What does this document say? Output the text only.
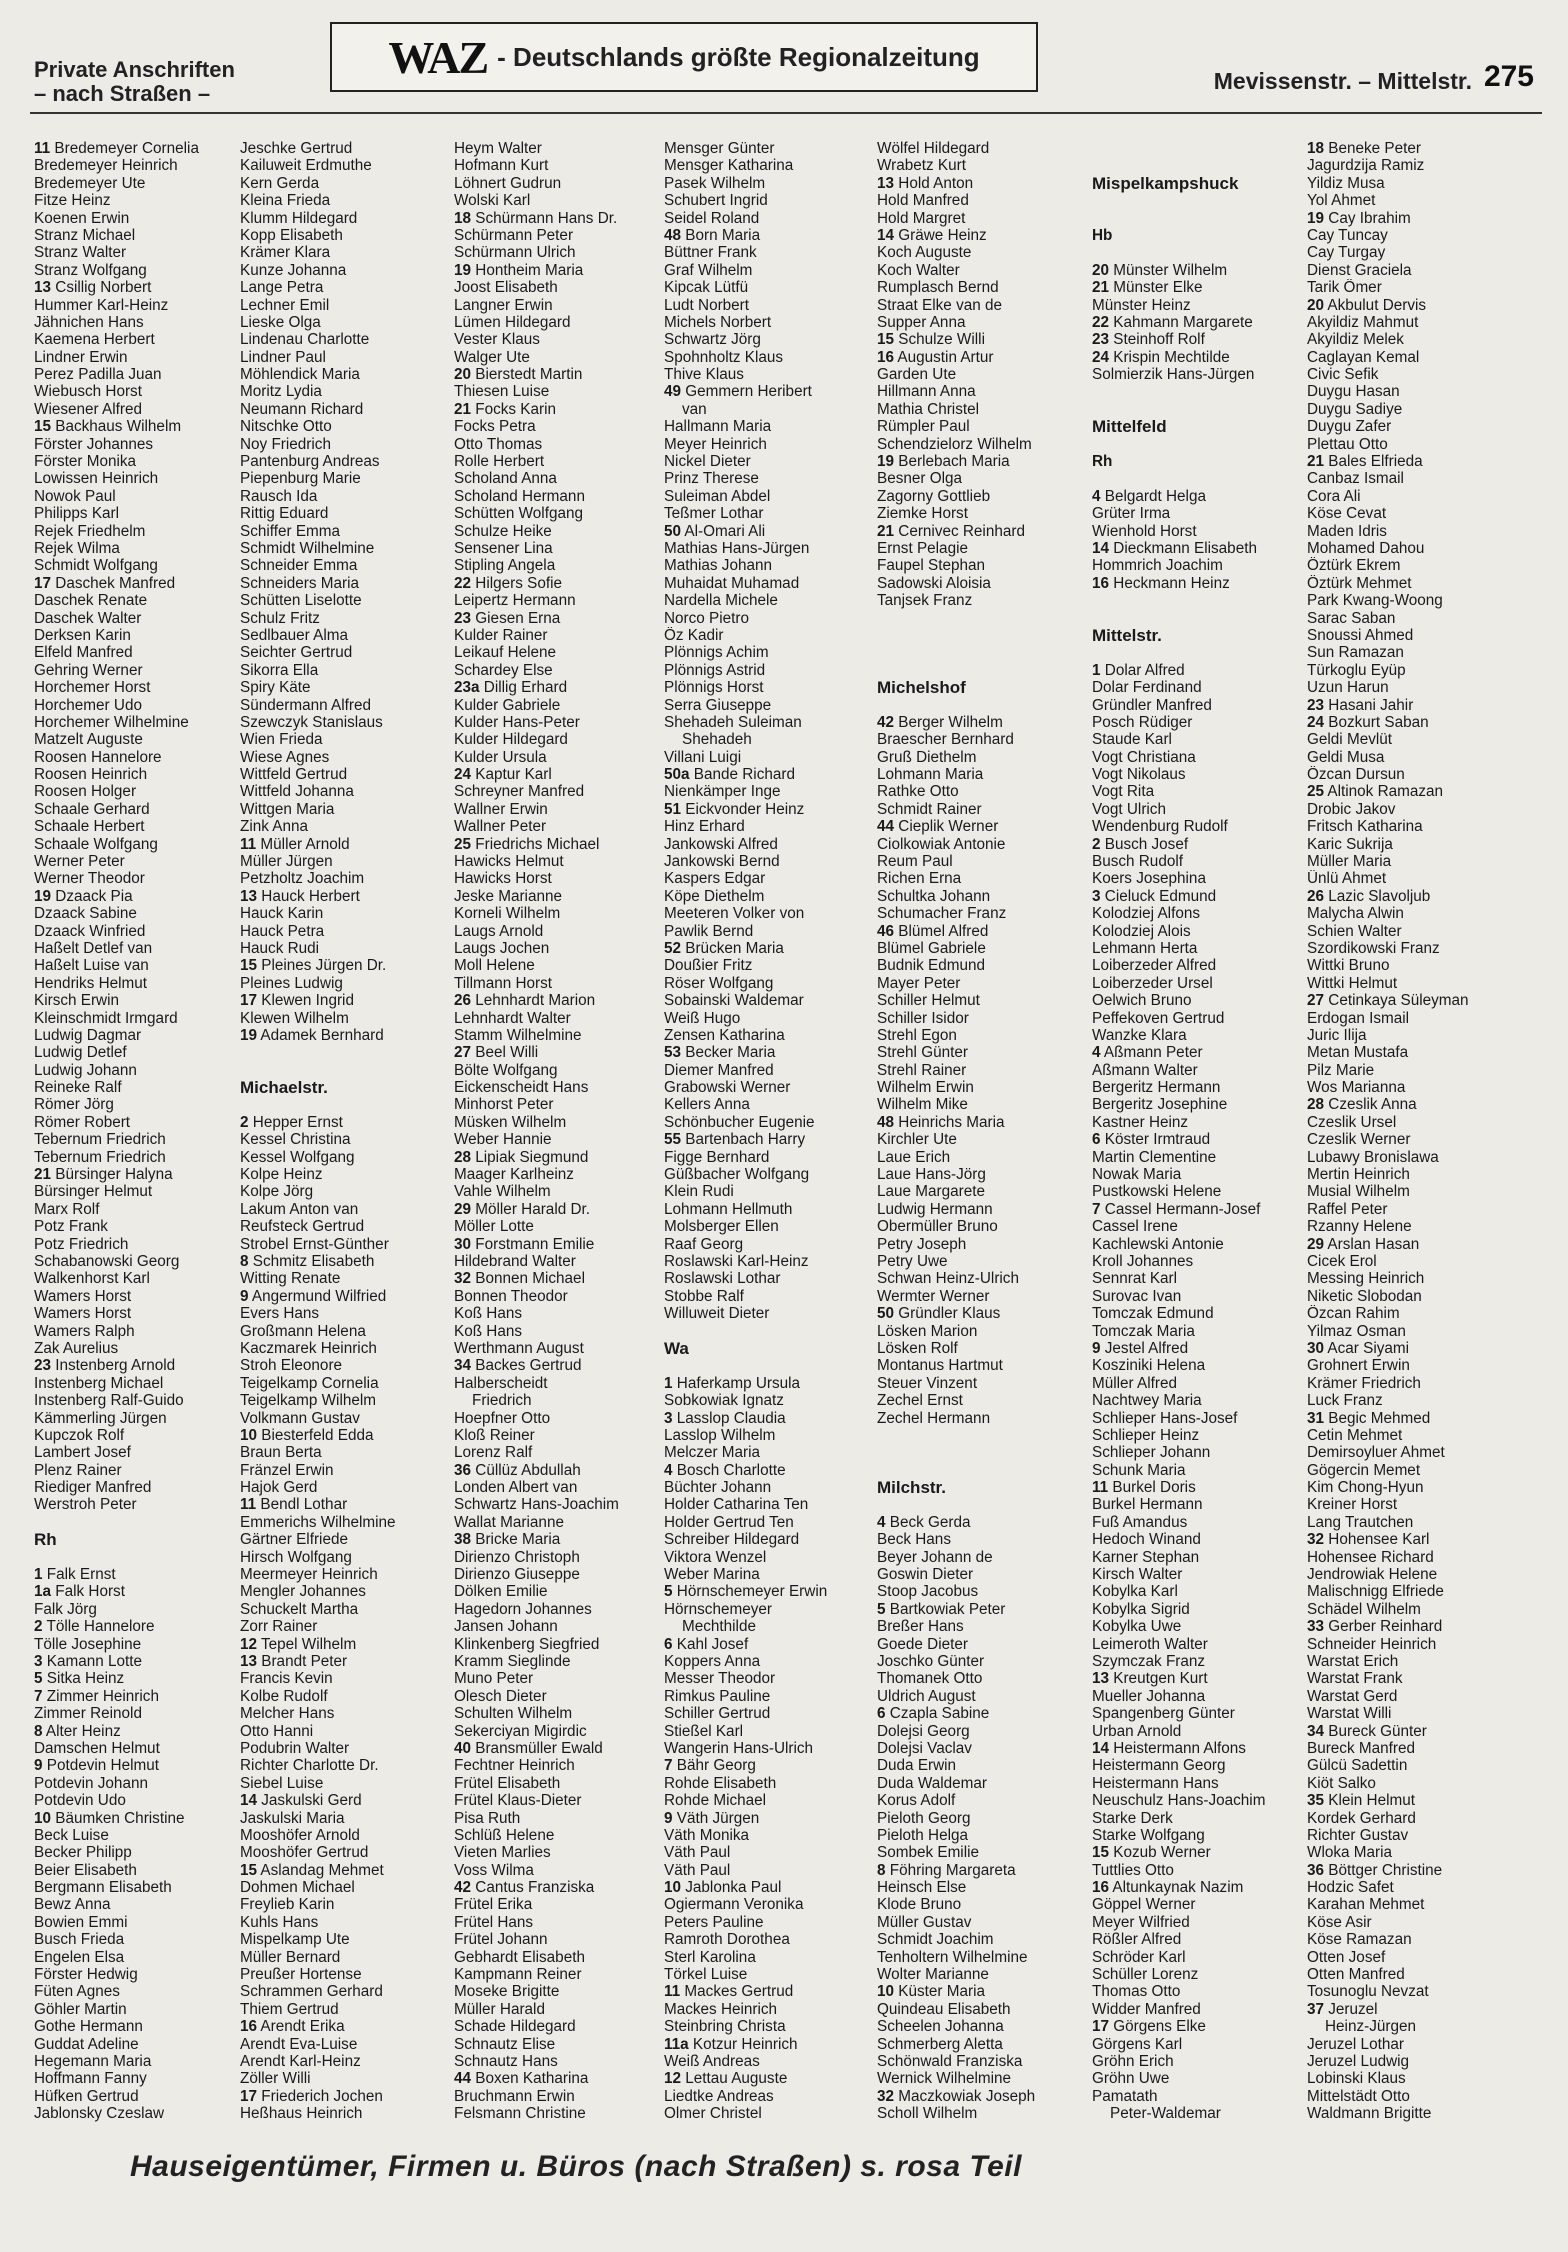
Private Anschriften
– nach Straßen –
WAZ - Deutschlands größte Regionalzeitung
Mevissenstr. – Mittelstr. 275
11 Bredemeyer Cornelia
Bredemeyer Heinrich
Bredemeyer Ute
Fitze Heinz
Koenen Erwin
Stranz Michael
Stranz Walter
Stranz Wolfgang
13 Csillig Norbert
Hummer Karl-Heinz
Jähnichen Hans
Kaemena Herbert
Lindner Erwin
Perez Padilla Juan
Wiebusch Horst
Wiesener Alfred
15 Backhaus Wilhelm
Förster Johannes
Förster Monika
Lowissen Heinrich
Nowok Paul
Philipps Karl
Rejek Friedhelm
Rejek Wilma
Schmidt Wolfgang
17 Daschek Manfred
Daschek Renate
Daschek Walter
Derksen Karin
Elfeld Manfred
Gehring Werner
Horchemer Horst
Horchemer Udo
Horchemer Wilhelmine
Matzelt Auguste
Roosen Hannelore
Roosen Heinrich
Roosen Holger
Schaale Gerhard
Schaale Herbert
Schaale Wolfgang
Werner Peter
Werner Theodor
19 Dzaack Pia
Dzaack Sabine
Dzaack Winfried
Haßelt Detlef van
Haßelt Luise van
Hendriks Helmut
Kirsch Erwin
Kleinschmidt Irmgard
Ludwig Dagmar
Ludwig Detlef
Ludwig Johann
Reineke Ralf
Römer Jörg
Römer Robert
Tebernum Friedrich
Tebernum Friedrich
21 Bürsinger Halyna
Bürsinger Helmut
Marx Rolf
Potz Frank
Potz Friedrich
Schabanowski Georg
Walkenhorst Karl
Wamers Horst
Wamers Horst
Wamers Ralph
Zak Aurelius
23 Instenberg Arnold
Instenberg Michael
Instenberg Ralf-Guido
Kämmerling Jürgen
Kupczok Rolf
Lambert Josef
Plenz Rainer
Riediger Manfred
Werstroh Peter

Rh

1 Falk Ernst
1a Falk Horst
Falk Jörg
2 Tölle Hannelore
Tölle Josephine
3 Kamann Lotte
5 Sitka Heinz
7 Zimmer Heinrich
Zimmer Reinold
8 Alter Heinz
Damschen Helmut
9 Potdevin Helmut
Potdevin Johann
Potdevin Udo
10 Bäumken Christine
Beck Luise
Becker Philipp
Beier Elisabeth
Bergmann Elisabeth
Bewz Anna
Bowien Emmi
Busch Frieda
Engelen Elsa
Förster Hedwig
Füten Agnes
Göhler Martin
Gothe Hermann
Guddat Adeline
Hegemann Maria
Hoffmann Fanny
Hüfken Gertrud
Jablonsky Czeslaw
Jeschke Gertrud
Kailuweit Erdmuthe
Kern Gerda
Kleina Frieda
Klumm Hildegard
Kopp Elisabeth
Krämer Klara
Kunze Johanna
Lange Petra
Lechner Emil
Lieske Olga
Lindenau Charlotte
Lindner Paul
Möhlendick Maria
Moritz Lydia
Neumann Richard
Nitschke Otto
Noy Friedrich
Pantenburg Andreas
Piepenburg Marie
Rausch Ida
Rittig Eduard
Schiffer Emma
Schmidt Wilhelmine
Schneider Emma
Schneiders Maria
Schütten Liselotte
Schulz Fritz
Sedlbauer Alma
Seichter Gertrud
Sikorra Ella
Spiry Käte
Sündermann Alfred
Szewczyk Stanislaus
Wien Frieda
Wiese Agnes
Wittfeld Gertrud
Wittfeld Johanna
Wittgen Maria
Zink Anna
11 Müller Arnold
Müller Jürgen
Petzholtz Joachim
13 Hauck Herbert
Hauck Karin
Hauck Petra
Hauck Rudi
15 Pleines Jürgen Dr.
Pleines Ludwig
17 Klewen Ingrid
Klewen Wilhelm
19 Adamek Bernhard

Michaelstr.

2 Hepper Ernst
Kessel Christina
Kessel Wolfgang
Kolpe Heinz
Kolpe Jörg
Lakum Anton van
Reufsteck Gertrud
Strobel Ernst-Günther
8 Schmitz Elisabeth
Witting Renate
9 Angermund Wilfried
Evers Hans
Großmann Helena
Kaczmarek Heinrich
Stroh Eleonore
Teigelkamp Cornelia
Teigelkamp Wilhelm
Volkmann Gustav
10 Biesterfeld Edda
Braun Berta
Fränzel Erwin
Hajok Gerd
11 Bendl Lothar
Emmerichs Wilhelmine
Gärtner Elfriede
Hirsch Wolfgang
Meermeyer Heinrich
Mengler Johannes
Schuckelt Martha
Zorr Rainer
12 Tepel Wilhelm
13 Brandt Peter
Francis Kevin
Kolbe Rudolf
Melcher Hans
Otto Hanni
Podubrin Walter
Richter Charlotte Dr.
Siebel Luise
14 Jaskulski Gerd
Jaskulski Maria
Mooshöfer Arnold
Mooshöfer Gertrud
15 Aslandag Mehmet
Dohmen Michael
Freylieb Karin
Kuhls Hans
Mispelkamp Ute
Müller Bernard
Preußer Hortense
Schrammen Gerhard
Thiem Gertrud
16 Arendt Erika
Arendt Eva-Luise
Arendt Karl-Heinz
Zöller Willi
17 Friederich Jochen
Heßhaus Heinrich
Heym Walter
Hofmann Kurt
Löhnert Gudrun
Wolski Karl
18 Schürmann Hans Dr.
Schürmann Peter
Schürmann Ulrich
19 Hontheim Maria
Joost Elisabeth
Langner Erwin
Lümen Hildegard
Vester Klaus
Walger Ute
20 Bierstedt Martin
Thiesen Luise
21 Focks Karin
Focks Petra
Otto Thomas
Rolle Herbert
Scholand Anna
Scholand Hermann
Schütten Wolfgang
Schulze Heike
Sensener Lina
Stipling Angela
22 Hilgers Sofie
Leipertz Hermann
23 Giesen Erna
Kulder Rainer
Leikauf Helene
Schardey Else
23a Dillig Erhard
Kulder Gabriele
Kulder Hans-Peter
Kulder Hildegard
Kulder Ursula
24 Kaptur Karl
Schreyner Manfred
Wallner Erwin
Wallner Peter
25 Friedrichs Michael
Hawicks Helmut
Hawicks Horst
Jeske Marianne
Korneli Wilhelm
Laugs Arnold
Laugs Jochen
Moll Helene
Tillmann Horst
26 Lehnhardt Marion
Lehnhardt Walter
Stamm Wilhelmine
27 Beel Willi
Bölte Wolfgang
Eickenscheidt Hans
Minhorst Peter
Müsken Wilhelm
Weber Hannie
28 Lipiak Siegmund
Maager Karlheinz
Vahle Wilhelm
29 Möller Harald Dr.
Möller Lotte
30 Forstmann Emilie
Hildebrand Walter
32 Bonnen Michael
Bonnen Theodor
Koß Hans
Koß Hans
Werthmann August
34 Backes Gertrud
Halberscheidt
Friedrich
Hoepfner Otto
Kloß Reiner
Lorenz Ralf
36 Cüllüz Abdullah
Londen Albert van
Schwartz Hans-Joachim
Wallat Marianne
38 Bricke Maria
Dirienzo Christoph
Dirienzo Giuseppe
Dölken Emilie
Hagedorn Johannes
Jansen Johann
Klinkenberg Siegfried
Kramm Sieglinde
Muno Peter
Olesch Dieter
Schulten Wilhelm
Sekerciyan Migirdic
40 Bransmüller Ewald
Fechtner Heinrich
Frütel Elisabeth
Frütel Klaus-Dieter
Pisa Ruth
Schlüß Helene
Vieten Marlies
Voss Wilma
42 Cantus Franziska
Frütel Erika
Frütel Hans
Frütel Johann
Gebhardt Elisabeth
Kampmann Reiner
Moseke Brigitte
Müller Harald
Schade Hildegard
Schnautz Elise
Schnautz Hans
44 Boxen Katharina
Bruchmann Erwin
Felsmann Christine
Mensger Günter
Mensger Katharina
Pasek Wilhelm
Schubert Ingrid
Seidel Roland
48 Born Maria
Büttner Frank
Graf Wilhelm
Kipcak Lütfü
Ludt Norbert
Michels Norbert
Schwartz Jörg
Spohnholtz Klaus
Thive Klaus
49 Gemmern Heribert
van
Hallmann Maria
Meyer Heinrich
Nickel Dieter
Prinz Therese
Suleiman Abdel
Teßmer Lothar
50 Al-Omari Ali
Mathias Hans-Jürgen
Mathias Johann
Muhaidat Muhamad
Nardella Michele
Norco Pietro
Öz Kadir
Plönnigs Achim
Plönnigs Astrid
Plönnigs Horst
Serra Giuseppe
Shehadeh Suleiman
Shehadeh
Villani Luigi
50a Bande Richard
Nienkämper Inge
51 Eickvonder Heinz
Hinz Erhard
Jankowski Alfred
Jankowski Bernd
Kaspers Edgar
Köpe Diethelm
Meeteren Volker von
Pawlik Bernd
52 Brücken Maria
Doußier Fritz
Röser Wolfgang
Sobainski Waldemar
Weiß Hugo
Zensen Katharina
53 Becker Maria
Diemer Manfred
Grabowski Werner
Kellers Anna
Schönbucher Eugenie
55 Bartenbach Harry
Figge Bernhard
Güßbacher Wolfgang
Klein Rudi
Lohmann Hellmuth
Molsberger Ellen
Raaf Georg
Roslawski Karl-Heinz
Roslawski Lothar
Stobbe Ralf
Willuweit Dieter

Wa

1 Haferkamp Ursula
Sobkowiak Ignatz
3 Lasslop Claudia
Lasslop Wilhelm
Melczer Maria
4 Bosch Charlotte
Büchter Johann
Holder Catharina Ten
Holder Gertrud Ten
Schreiber Hildegard
Viktora Wenzel
Weber Marina
5 Hörnschemeyer Erwin
Hörnschemeyer
Mechthilde
6 Kahl Josef
Koppers Anna
Messer Theodor
Rimkus Pauline
Schiller Gertrud
Stießel Karl
Wangerin Hans-Ulrich
7 Bähr Georg
Rohde Elisabeth
Rohde Michael
9 Väth Jürgen
Väth Monika
Väth Paul
Väth Paul
10 Jablonka Paul
Ogiermann Veronika
Peters Pauline
Ramroth Dorothea
Sterl Karolina
Törkel Luise
11 Mackes Gertrud
Mackes Heinrich
Steinbring Christa
11a Kotzur Heinrich
Weiß Andreas
12 Lettau Auguste
Liedtke Andreas
Olmer Christel
Wölfel Hildegard
Wrabetz Kurt
13 Hold Anton
Hold Manfred
Hold Margret
14 Gräwe Heinz
Koch Auguste
Koch Walter
Rumplasch Bernd
Straat Elke van de
Supper Anna
15 Schulze Willi
16 Augustin Artur
Garden Ute
Hillmann Anna
Mathia Christel
Rümpler Paul
Schendzielorz Wilhelm
19 Berlebach Maria
Besner Olga
Zagorny Gottlieb
Ziemke Horst
21 Cernivec Reinhard
Ernst Pelagie
Faupel Stephan
Sadowski Aloisia
Tanjsek Franz

Michelshof

42 Berger Wilhelm
Braescher Bernhard
Gruß Diethelm
Lohmann Maria
Rathke Otto
Schmidt Rainer
44 Cieplik Werner
Ciolkowiak Antonie
Reum Paul
Richen Erna
Schultka Johann
Schumacher Franz
46 Blümel Alfred
Blümel Gabriele
Budnik Edmund
Mayer Peter
Schiller Helmut
Schiller Isidor
Strehl Egon
Strehl Günter
Strehl Rainer
Wilhelm Erwin
Wilhelm Mike
48 Heinrichs Maria
Kirchler Ute
Laue Erich
Laue Hans-Jörg
Laue Margarete
Ludwig Hermann
Obermüller Bruno
Petry Joseph
Petry Uwe
Schwan Heinz-Ulrich
Wermter Werner
50 Gründler Klaus
Lösken Marion
Lösken Rolf
Montanus Hartmut
Steuer Vinzent
Zechel Ernst
Zechel Hermann

Milchstr.

4 Beck Gerda
Beck Hans
Beyer Johann de
Goswin Dieter
Stoop Jacobus
5 Bartkowiak Peter
Breßer Hans
Goede Dieter
Joschko Günter
Thomanek Otto
Uldrich August
6 Czapla Sabine
Dolejsi Georg
Dolejsi Vaclav
Duda Erwin
Duda Waldemar
Korus Adolf
Pieloth Georg
Pieloth Helga
Sombek Emilie
8 Föhring Margareta
Heinsch Else
Klode Bruno
Müller Gustav
Schmidt Joachim
Tenholtern Wilhelmine
Wolter Marianne
10 Küster Maria
Quindeau Elisabeth
Scheelen Johanna
Schmerberg Aletta
Schönwald Franziska
Wernick Wilhelmine
32 Maczkowiak Joseph
Scholl Wilhelm

Mispelkampshuck

Hb

20 Münster Wilhelm
21 Münster Elke
Münster Heinz
22 Kahmann Margarete
23 Steinhoff Rolf
24 Krispin Mechtilde
Solmierzik Hans-Jürgen

Mittelfeld

Rh

4 Belgardt Helga
Grüter Irma
Wienhold Horst
14 Dieckmann Elisabeth
Hommrich Joachim
16 Heckmann Heinz

Mittelstr.

1 Dolar Alfred
Dolar Ferdinand
Gründler Manfred
Posch Rüdiger
Staude Karl
Vogt Christiana
Vogt Nikolaus
Vogt Rita
Vogt Ulrich
Wendenburg Rudolf
2 Busch Josef
Busch Rudolf
Koers Josephina
3 Cieluck Edmund
Kolodziej Alfons
Kolodziej Alois
Lehmann Herta
Loiberzeder Alfred
Loiberzeder Ursel
Oelwich Bruno
Peffekoven Gertrud
Wanzke Klara
4 Aßmann Peter
Aßmann Walter
Bergeritz Hermann
Bergeritz Josephine
Kastner Heinz
6 Köster Irmtraud
Martin Clementine
Nowak Maria
Pustkowski Helene
7 Cassel Hermann-Josef
Cassel Irene
Kachlewski Antonie
Kroll Johannes
Sennrat Karl
Surovac Ivan
Tomczak Edmund
Tomczak Maria
9 Jestel Alfred
Kosziniki Helena
Müller Alfred
Nachtwey Maria
Schlieper Hans-Josef
Schlieper Heinz
Schlieper Johann
Schunk Maria
11 Burkel Doris
Burkel Hermann
Fuß Amandus
Hedoch Winand
Karner Stephan
Kirsch Walter
Kobylka Karl
Kobylka Sigrid
Kobylka Uwe
Leimeroth Walter
Szymczak Franz
13 Kreutgen Kurt
Mueller Johanna
Spangenberg Günter
Urban Arnold
14 Heistermann Alfons
Heistermann Georg
Heistermann Hans
Neuschulz Hans-Joachim
Starke Derk
Starke Wolfgang
15 Kozub Werner
Tuttlies Otto
16 Altunkaynak Nazim
Göppel Werner
Meyer Wilfried
Rößler Alfred
Schröder Karl
Schüller Lorenz
Thomas Otto
Widder Manfred
17 Görgens Elke
Görgens Karl
Gröhn Erich
Gröhn Uwe
Pamatath
Peter-Waldemar
18 Beneke Peter
Jagurdzija Ramiz
Yildiz Musa
Yol Ahmet
19 Cay Ibrahim
Cay Tuncay
Cay Turgay
Dienst Graciela
Tarik Ömer
20 Akbulut Dervis
Akyildiz Mahmut
Akyildiz Melek
Caglayan Kemal
Civic Sefik
Duygu Hasan
Duygu Sadiye
Duygu Zafer
Plettau Otto
21 Bales Elfrieda
Canbaz Ismail
Cora Ali
Köse Cevat
Maden Idris
Mohamed Dahou
Öztürk Ekrem
Öztürk Mehmet
Park Kwang-Woong
Sarac Saban
Snoussi Ahmed
Sun Ramazan
Türkoglu Eyüp
Uzun Harun
23 Hasani Jahir
24 Bozkurt Saban
Geldi Mevlüt
Geldi Musa
Özcan Dursun
25 Altinok Ramazan
Drobic Jakov
Fritsch Katharina
Karic Sukrija
Müller Maria
Ünlü Ahmet
26 Lazic Slavoljub
Malycha Alwin
Schien Walter
Szordikowski Franz
Wittki Bruno
Wittki Helmut
27 Cetinkaya Süleyman
Erdogan Ismail
Juric Ilija
Metan Mustafa
Pilz Marie
Wos Marianna
28 Czeslik Anna
Czeslik Ursel
Czeslik Werner
Lubawy Bronislawa
Mertin Heinrich
Musial Wilhelm
Raffel Peter
Rzanny Helene
29 Arslan Hasan
Cicek Erol
Messing Heinrich
Niketic Slobodan
Özcan Rahim
Yilmaz Osman
30 Acar Siyami
Grohnert Erwin
Krämer Friedrich
Luck Franz
31 Begic Mehmed
Cetin Mehmet
Demirsoyluer Ahmet
Gögercin Memet
Kim Chong-Hyun
Kreiner Horst
Lang Trautchen
32 Hohensee Karl
Hohensee Richard
Jendrowiak Helene
Malischnigg Elfriede
Schädel Wilhelm
33 Gerber Reinhard
Schneider Heinrich
Warstat Erich
Warstat Frank
Warstat Gerd
Warstat Willi
34 Bureck Günter
Bureck Manfred
Gülcü Sadettin
Kiöt Salko
35 Klein Helmut
Kordek Gerhard
Richter Gustav
Wloka Maria
36 Böttger Christine
Hodzic Safet
Karahan Mehmet
Köse Asir
Köse Ramazan
Otten Josef
Otten Manfred
Tosunoglu Nevzat
37 Jeruzel
Heinz-Jürgen
Jeruzel Lothar
Jeruzel Ludwig
Lobinski Klaus
Mittelstädt Otto
Waldmann Brigitte
Hauseigentümer, Firmen u. Büros (nach Straßen) s. rosa Teil
